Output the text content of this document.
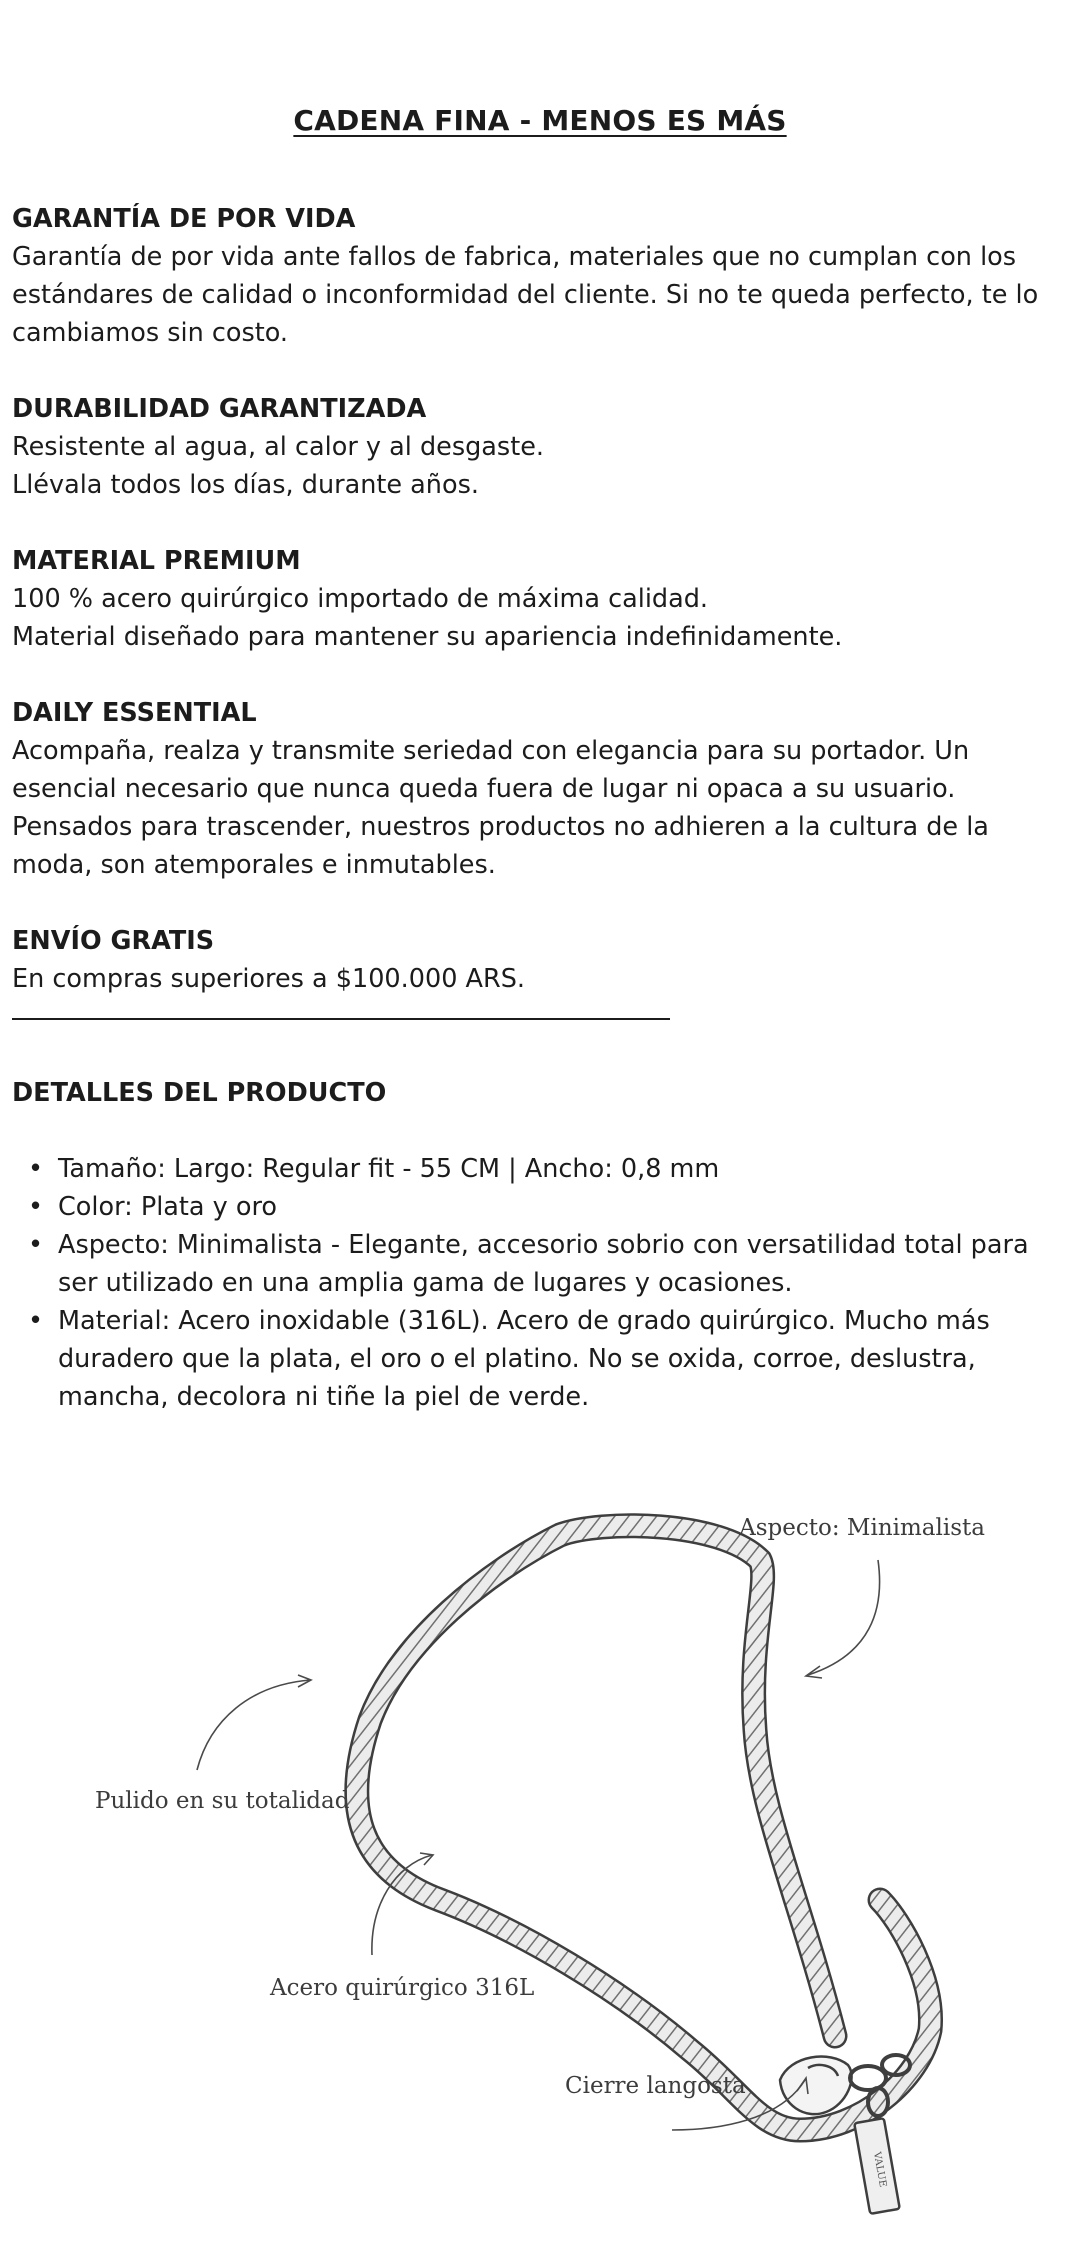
CADENA FINA - MENOS ES MÁS
GARANTÍA DE POR VIDA

Garantía de por vida ante fallos de fabrica, materiales que no cumplan con los estándares de calidad o inconformidad del cliente. Si no te queda perfecto, te lo cambiamos sin costo.

DURABILIDAD GARANTIZADA

Resistente al agua, al calor y al desgaste.

Llévala todos los días, durante años.

MATERIAL PREMIUM

100 % acero quirúrgico importado de máxima calidad.

Material diseñado para mantener su apariencia indefinidamente.

DAILY ESSENTIAL

Acompaña, realza y transmite seriedad con elegancia para su portador. Un esencial necesario que nunca queda fuera de lugar ni opaca a su usuario. Pensados para trascender, nuestros productos no adhieren a la cultura de la moda, son atemporales e inmutables.

ENVÍO GRATIS

En compras superiores a $100.000 ARS.

DETALLES DEL PRODUCTO
• Tamaño: Largo: Regular fit - 55 CM | Ancho: 0,8 mm
• Color: Plata y oro
• Aspecto: Minimalista - Elegante, accesorio sobrio con versatilidad total para ser utilizado en una amplia gama de lugares y ocasiones.
• Material: Acero inoxidable (316L). Acero de grado quirúrgico. Mucho más duradero que la plata, el oro o el platino. No se oxida, corroe, deslustra, mancha, decolora ni tiñe la piel de verde.
VALUE
Aspecto: Minimalista
Pulido en su totalidad
Acero quirúrgico 316L
Cierre langosta
